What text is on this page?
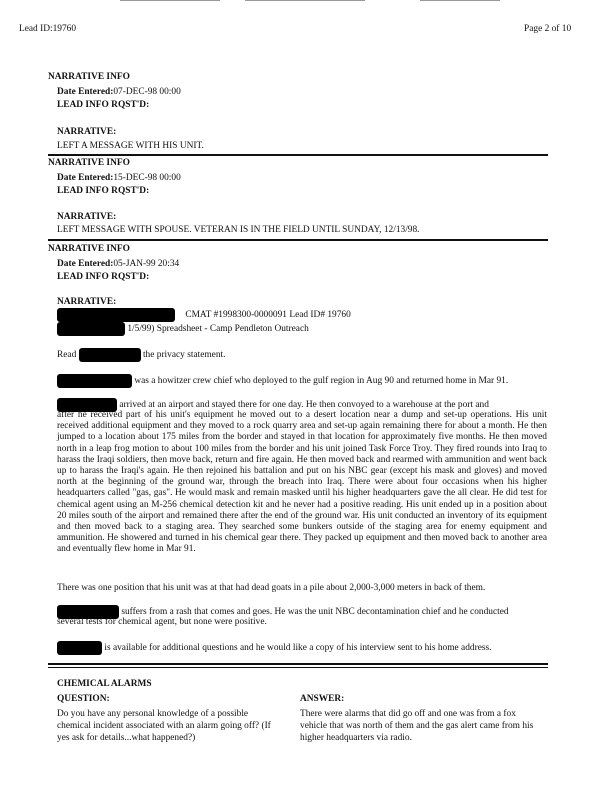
Lead ID:19760	Page 2 of 10
NARRATIVE INFO
Date Entered:07-DEC-98 00:00
LEAD INFO RQST'D:
NARRATIVE:
LEFT A MESSAGE WITH HIS UNIT.
NARRATIVE INFO
Date Entered:15-DEC-98 00:00
LEAD INFO RQST'D:
NARRATIVE:
LEFT MESSAGE WITH SPOUSE. VETERAN IS IN THE FIELD UNTIL SUNDAY, 12/13/98.
NARRATIVE INFO
Date Entered:05-JAN-99 20:34
LEAD INFO RQST'D:
NARRATIVE:
CMAT #1998300-0000091 Lead ID# 19760
1/5/99) Spreadsheet - Camp Pendleton Outreach
Read	the privacy statement.
was a howitzer crew chief who deployed to the gulf region in Aug 90 and returned home in Mar 91.
arrived at an airport and stayed there for one day. He then convoyed to a warehouse at the port and
after he received part of his unit's equipment he moved out to a desert location near a dump and set-up operations. His unit received additional equipment and they moved to a rock quarry area and set-up again remaining there for about a month. He then jumped to a location about 175 miles from the border and stayed in that location for approximately five months. He then moved north in a leap frog motion to about 100 miles from the border and his unit joined Task Force Troy. They fired rounds into Iraq to harass the Iraqi soldiers, then move back, return and fire again. He then moved back and rearmed with ammunition and went back up to harass the Iraqi's again. He then rejoined his battalion and put on his NBC gear (except his mask and gloves) and moved north at the beginning of the ground war, through the breach into Iraq. There were about four occasions when his higher headquarters called "gas, gas". He would mask and remain masked until his higher headquarters gave the all clear. He did test for chemical agent using an M-256 chemical detection kit and he never had a positive reading. His unit ended up in a position about 20 miles south of the airport and remained there after the end of the ground war. His unit conducted an inventory of its equipment and then moved back to a staging area. They searched some bunkers outside of the staging area for enemy equipment and ammunition. He showered and turned in his chemical gear there. They packed up equipment and then moved back to another area and eventually flew home in Mar 91.
There was one position that his unit was at that had dead goats in a pile about 2,000-3,000 meters in back of them.
suffers from a rash that comes and goes. He was the unit NBC decontamination chief and he conducted
several tests for chemical agent, but none were positive.
is available for additional questions and he would like a copy of his interview sent to his home address.
CHEMICAL ALARMS
QUESTION:
Do you have any personal knowledge of a possible chemical incident associated with an alarm going off? (If yes ask for details...what happened?)
ANSWER:
There were alarms that did go off and one was from a fox vehicle that was north of them and the gas alert came from his higher headquarters via radio.
